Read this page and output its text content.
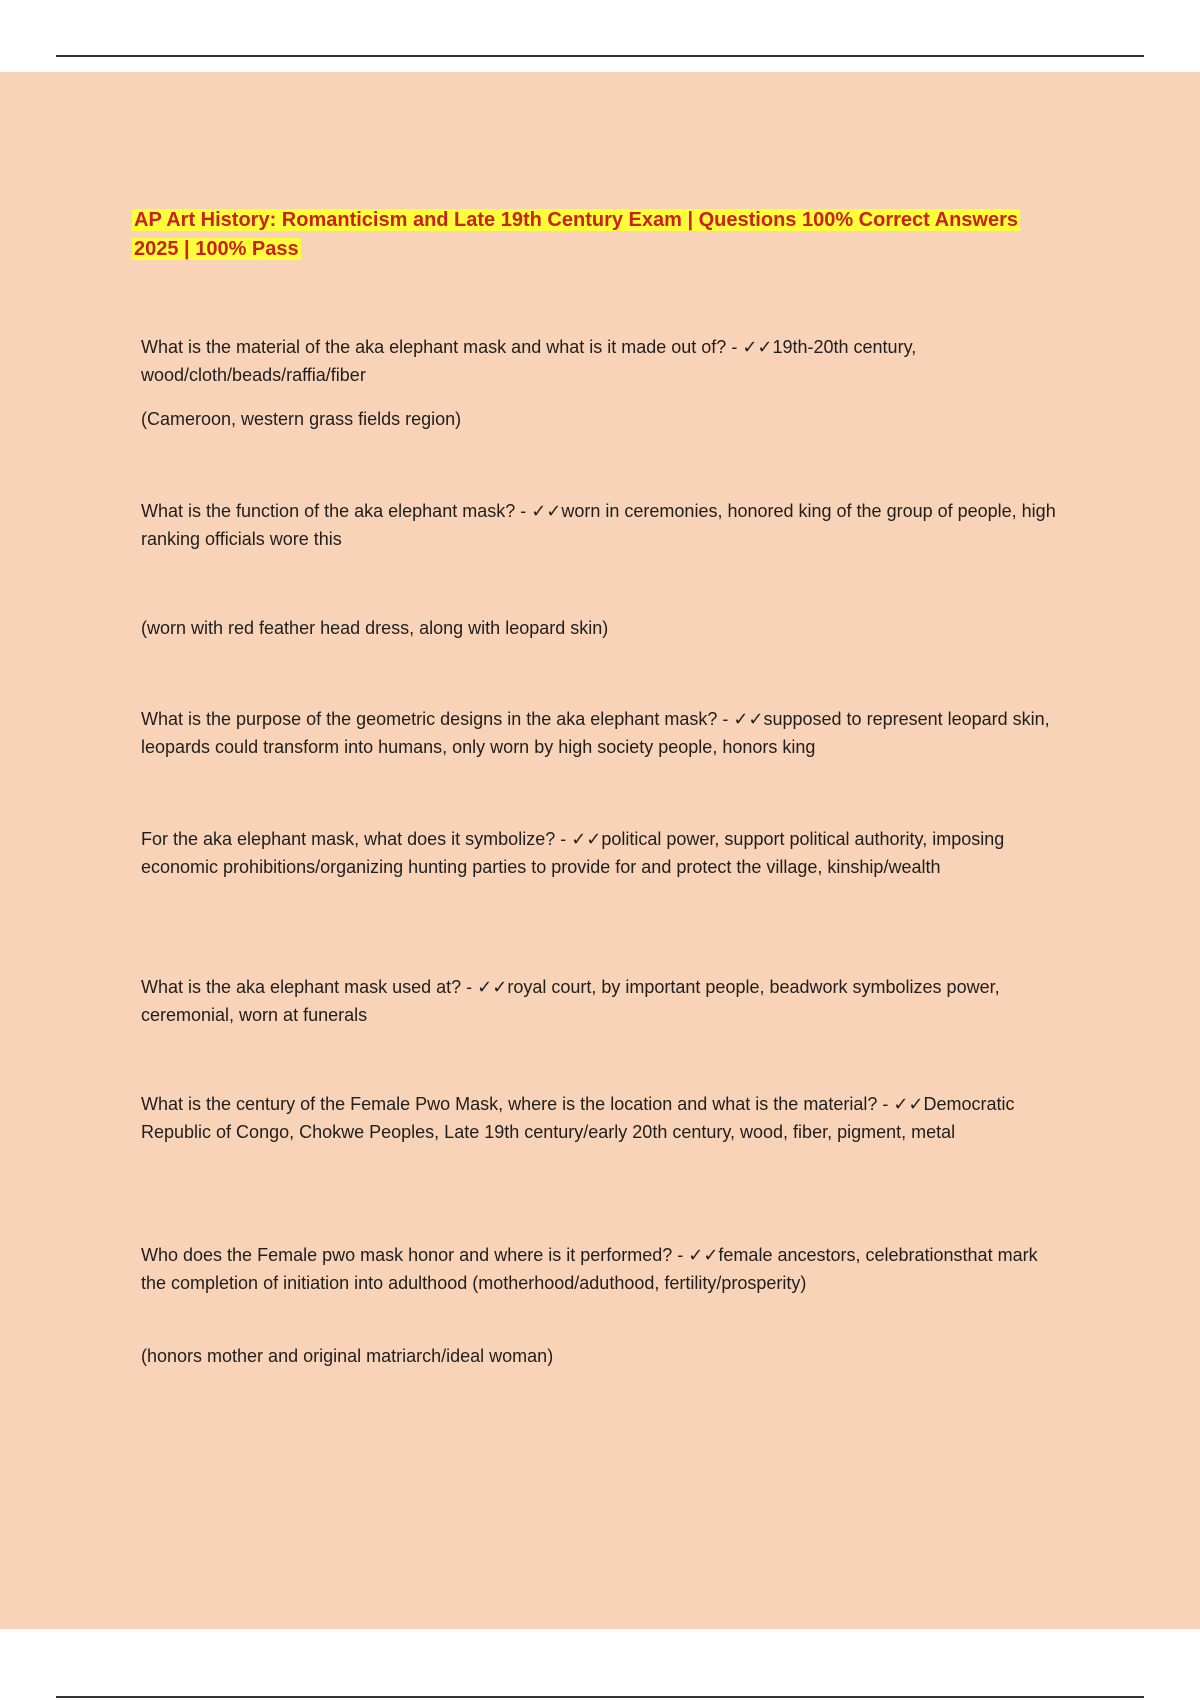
AP Art History: Romanticism and Late 19th Century Exam | Questions 100% Correct Answers 2025 | 100% Pass

What is the material of the aka elephant mask and what is it made out of? - ✓✓19th-20th century, wood/cloth/beads/raffia/fiber

(Cameroon, western grass fields region)

What is the function of the aka elephant mask? - ✓✓worn in ceremonies, honored king of the group of people, high ranking officials wore this

(worn with red feather head dress, along with leopard skin)

What is the purpose of the geometric designs in the aka elephant mask? - ✓✓supposed to represent leopard skin, leopards could transform into humans, only worn by high society people, honors king

For the aka elephant mask, what does it symbolize? - ✓✓political power, support political authority, imposing economic prohibitions/organizing hunting parties to provide for and protect the village, kinship/wealth

What is the aka elephant mask used at? - ✓✓royal court, by important people, beadwork symbolizes power, ceremonial, worn at funerals

What is the century of the Female Pwo Mask, where is the location and what is the material? - ✓✓Democratic Republic of Congo, Chokwe Peoples, Late 19th century/early 20th century, wood, fiber, pigment, metal

Who does the Female pwo mask honor and where is it performed? - ✓✓female ancestors, celebrationsthat mark the completion of initiation into adulthood (motherhood/aduthood, fertility/prosperity)

(honors mother and original matriarch/ideal woman)
